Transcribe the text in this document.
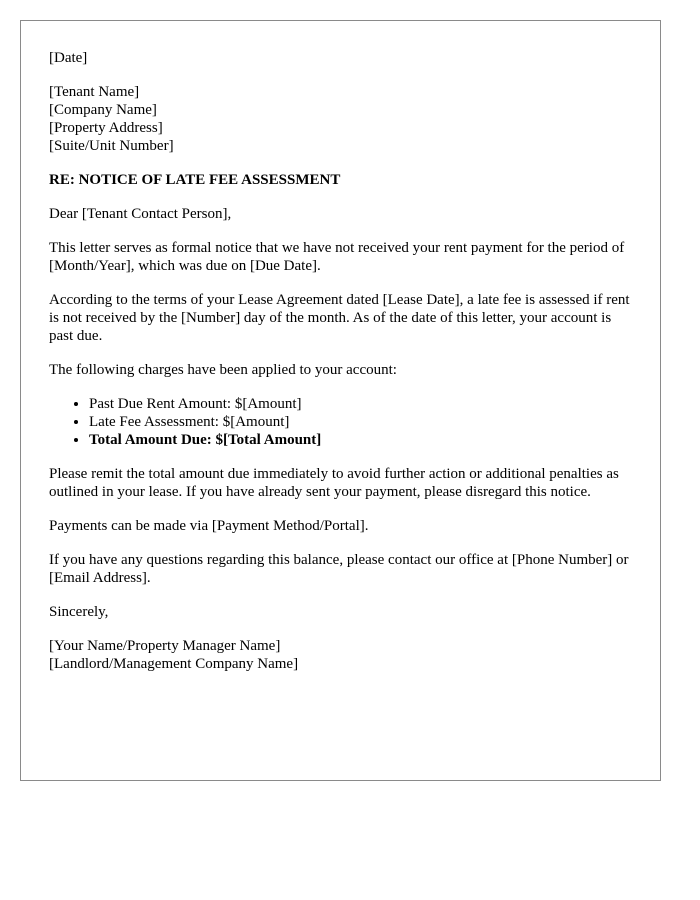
[Date]
[Tenant Name]
[Company Name]
[Property Address]
[Suite/Unit Number]
RE: NOTICE OF LATE FEE ASSESSMENT
Dear [Tenant Contact Person],
This letter serves as formal notice that we have not received your rent payment for the period of [Month/Year], which was due on [Due Date].
According to the terms of your Lease Agreement dated [Lease Date], a late fee is assessed if rent is not received by the [Number] day of the month. As of the date of this letter, your account is past due.
The following charges have been applied to your account:
• Past Due Rent Amount: $[Amount]
• Late Fee Assessment: $[Amount]
• Total Amount Due: $[Total Amount]
Please remit the total amount due immediately to avoid further action or additional penalties as outlined in your lease. If you have already sent your payment, please disregard this notice.
Payments can be made via [Payment Method/Portal].
If you have any questions regarding this balance, please contact our office at [Phone Number] or [Email Address].
Sincerely,
[Your Name/Property Manager Name]
[Landlord/Management Company Name]
